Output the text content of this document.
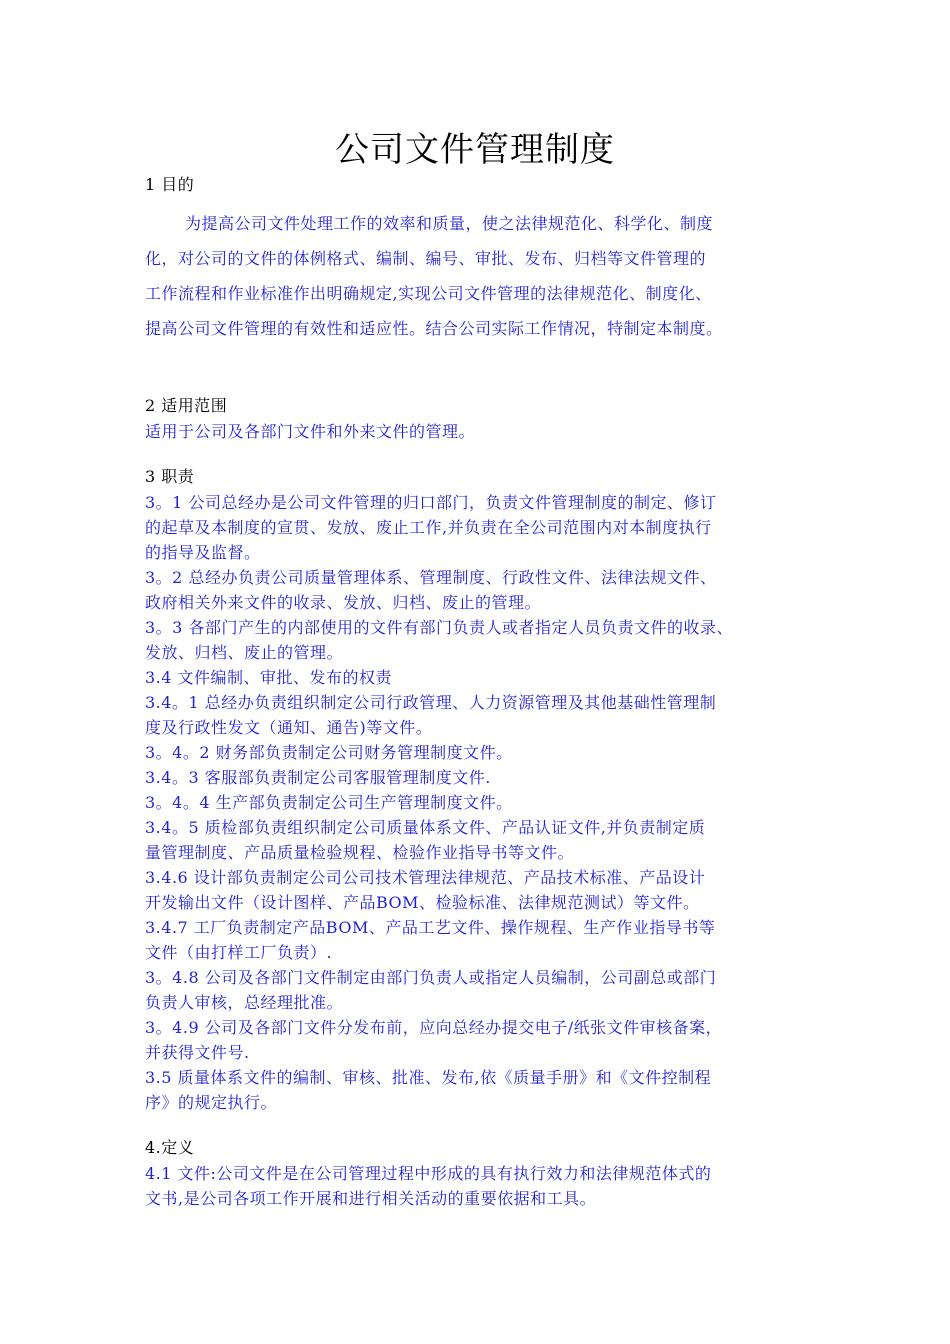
公司文件管理制度
1 目的
为提高公司文件处理工作的效率和质量，使之法律规范化、科学化、制度
化，对公司的文件的体例格式、编制、编号、审批、发布、归档等文件管理的
工作流程和作业标准作出明确规定,实现公司文件管理的法律规范化、制度化、
提高公司文件管理的有效性和适应性。结合公司实际工作情况，特制定本制度。
2 适用范围
适用于公司及各部门文件和外来文件的管理。
3 职责
3。1 公司总经办是公司文件管理的归口部门，负责文件管理制度的制定、修订
的起草及本制度的宣贯、发放、废止工作,并负责在全公司范围内对本制度执行
的指导及监督。
3。2 总经办负责公司质量管理体系、管理制度、行政性文件、法律法规文件、
政府相关外来文件的收录、发放、归档、废止的管理。
3。3 各部门产生的内部使用的文件有部门负责人或者指定人员负责文件的收录、
发放、归档、废止的管理。
3.4 文件编制、审批、发布的权责
3.4。1 总经办负责组织制定公司行政管理、人力资源管理及其他基础性管理制
度及行政性发文（通知、通告)等文件。
3。4。2 财务部负责制定公司财务管理制度文件。
3.4。3 客服部负责制定公司客服管理制度文件.
3。4。4 生产部负责制定公司生产管理制度文件。
3.4。5 质检部负责组织制定公司质量体系文件、产品认证文件,并负责制定质
量管理制度、产品质量检验规程、检验作业指导书等文件。
3.4.6 设计部负责制定公司公司技术管理法律规范、产品技术标准、产品设计
开发输出文件（设计图样、产品BOM、检验标准、法律规范测试）等文件。
3.4.7 工厂负责制定产品BOM、产品工艺文件、操作规程、生产作业指导书等
文件（由打样工厂负责）.
3。4.8 公司及各部门文件制定由部门负责人或指定人员编制，公司副总或部门
负责人审核，总经理批准。
3。4.9 公司及各部门文件分发布前，应向总经办提交电子/纸张文件审核备案，
并获得文件号.
3.5 质量体系文件的编制、审核、批准、发布,依《质量手册》和《文件控制程
序》的规定执行。
4.定义
4.1 文件:公司文件是在公司管理过程中形成的具有执行效力和法律规范体式的
文书,是公司各项工作开展和进行相关活动的重要依据和工具。
